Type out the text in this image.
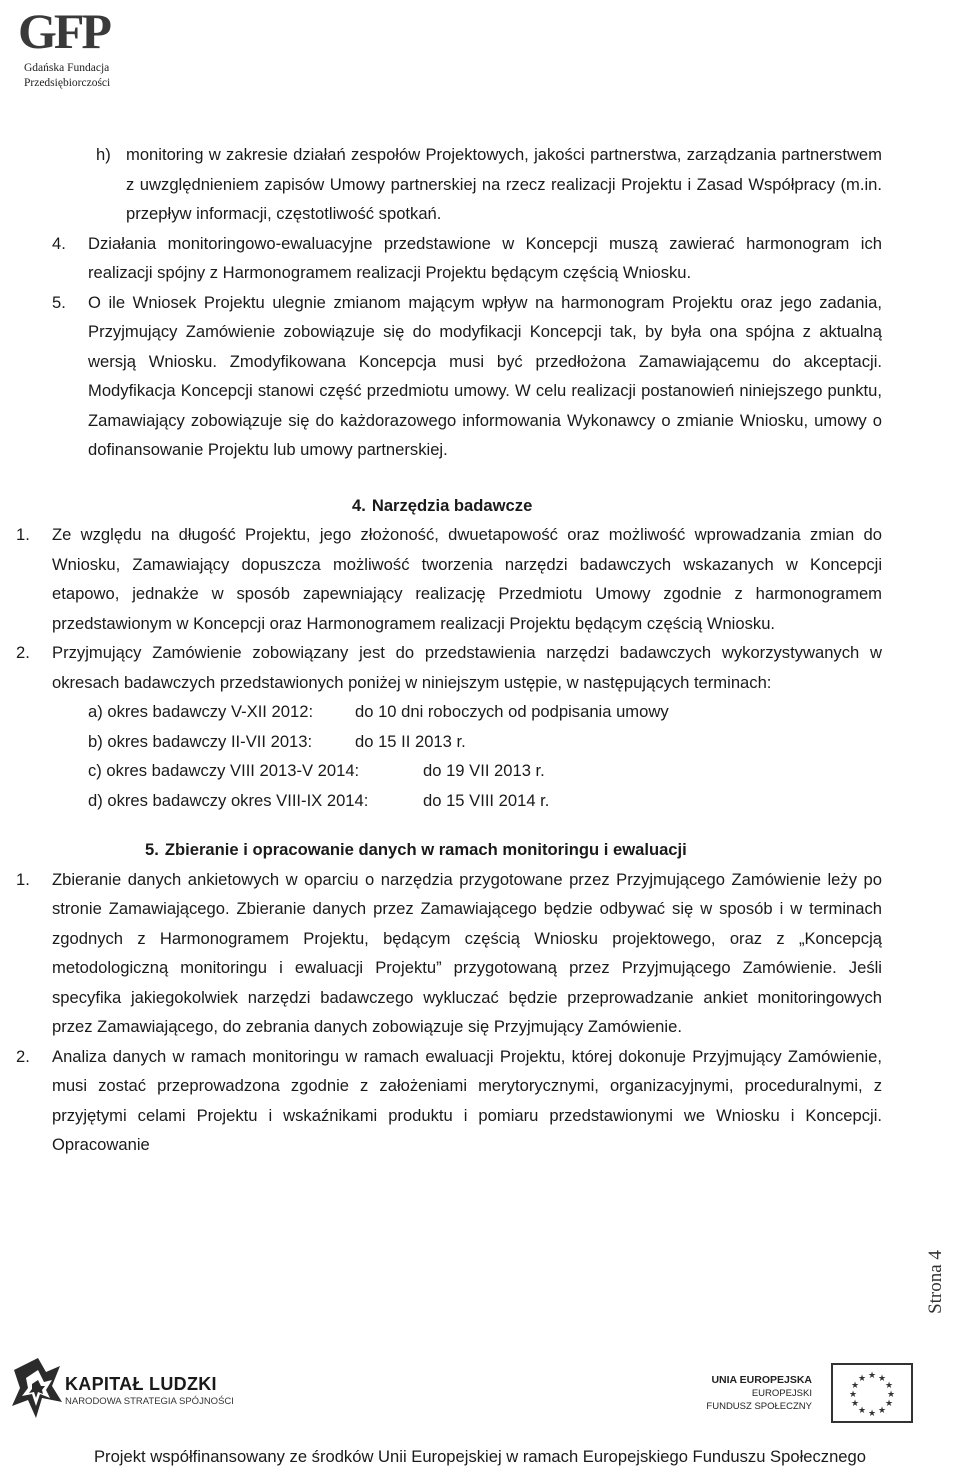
GFP
Gdańska Fundacja
Przedsiębiorczości
h) monitoring w zakresie działań zespołów Projektowych, jakości partnerstwa, zarządzania partnerstwem z uwzględnieniem zapisów Umowy partnerskiej na rzecz realizacji Projektu i Zasad Współpracy (m.in. przepływ informacji, częstotliwość spotkań.
4. Działania monitoringowo-ewaluacyjne przedstawione w Koncepcji muszą zawierać harmonogram ich realizacji spójny z Harmonogramem realizacji Projektu będącym częścią Wniosku.
5. O ile Wniosek Projektu ulegnie zmianom mającym wpływ na harmonogram Projektu oraz jego zadania, Przyjmujący Zamówienie zobowiązuje się do modyfikacji Koncepcji tak, by była ona spójna z aktualną wersją Wniosku. Zmodyfikowana Koncepcja musi być przedłożona Zamawiającemu do akceptacji. Modyfikacja Koncepcji stanowi część przedmiotu umowy. W celu realizacji postanowień niniejszego punktu, Zamawiający zobowiązuje się do każdorazowego informowania Wykonawcy o zmianie Wniosku, umowy o dofinansowanie Projektu lub umowy partnerskiej.
4. Narzędzia badawcze
1. Ze względu na długość Projektu, jego złożoność, dwuetapowość oraz możliwość wprowadzania zmian do Wniosku, Zamawiający dopuszcza możliwość tworzenia narzędzi badawczych wskazanych w Koncepcji etapowo, jednakże w sposób zapewniający realizację Przedmiotu Umowy zgodnie z harmonogramem przedstawionym w Koncepcji oraz Harmonogramem realizacji Projektu będącym częścią Wniosku.
2. Przyjmujący Zamówienie zobowiązany jest do przedstawienia narzędzi badawczych wykorzystywanych w okresach badawczych przedstawionych poniżej w niniejszym ustępie, w następujących terminach:
a) okres badawczy V-XII 2012:	do 10 dni roboczych od podpisania umowy
b) okres badawczy II-VII 2013:	do 15 II 2013 r.
c) okres badawczy VIII 2013-V 2014:	do 19 VII 2013 r.
d) okres badawczy okres VIII-IX 2014:	do 15 VIII 2014 r.
5. Zbieranie i opracowanie danych w ramach monitoringu i ewaluacji
1. Zbieranie danych ankietowych w oparciu o narzędzia przygotowane przez Przyjmującego Zamówienie leży po stronie Zamawiającego. Zbieranie danych przez Zamawiającego będzie odbywać się w sposób i w terminach zgodnych z Harmonogramem Projektu, będącym częścią Wniosku projektowego, oraz z „Koncepcją metodologiczną monitoringu i ewaluacji Projektu” przygotowaną przez Przyjmującego Zamówienie. Jeśli specyfika jakiegokolwiek narzędzi badawczego wykluczać będzie przeprowadzanie ankiet monitoringowych przez Zamawiającego, do zebrania danych zobowiązuje się Przyjmujący Zamówienie.
2. Analiza danych w ramach monitoringu w ramach ewaluacji Projektu, której dokonuje Przyjmujący Zamówienie, musi zostać przeprowadzona zgodnie z założeniami merytorycznymi, organizacyjnymi, proceduralnymi, z przyjętymi celami Projektu i wskaźnikami produktu i pomiaru przedstawionymi we Wniosku i Koncepcji. Opracowanie
Strona 4
KAPITAŁ LUDZKI
NARODOWA STRATEGIA SPÓJNOŚCI
UNIA EUROPEJSKA
EUROPEJSKI
FUNDUSZ SPOŁECZNY
★ ★
★
★
★
★
★
★
★
★
★
★
Projekt współfinansowany ze środków Unii Europejskiej w ramach Europejskiego Funduszu Społecznego
